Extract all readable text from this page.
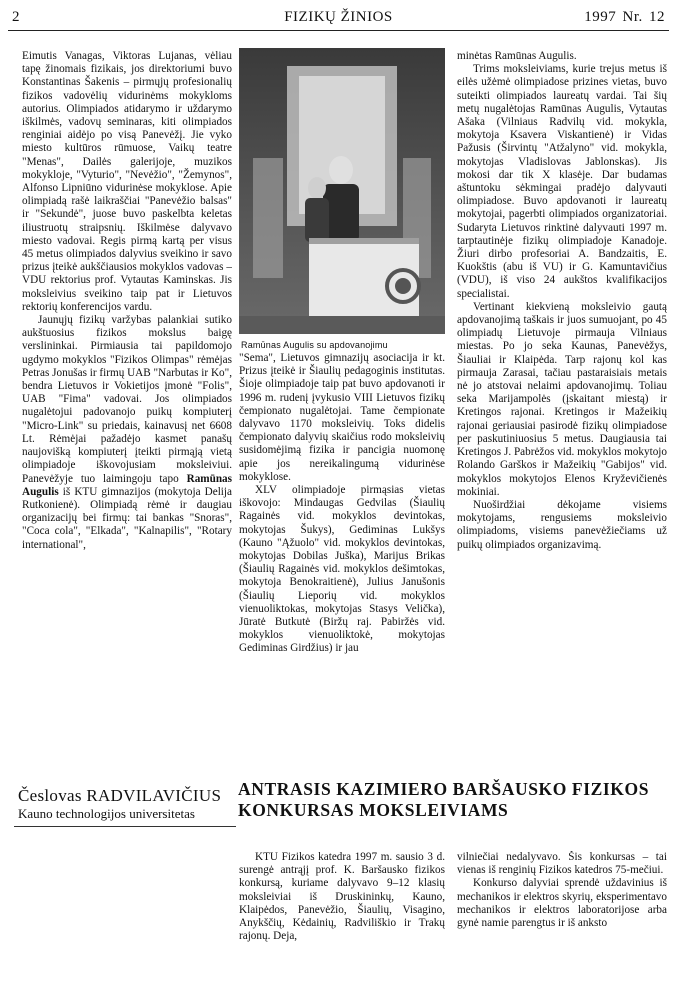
2	FIZIKŲ ŽINIOS	1997 Nr. 12

Eimutis Vanagas, Viktoras Lujanas, vėliau tapę žinomais fizikais, jos direktoriumi buvo Konstantinas Šakenis – pirmųjų profesionalių fizikos vadovėlių vidurinėms mokykloms autorius. Olimpiados atidarymo ir uždarymo iškilmės, vadovų seminaras, kiti olimpiados renginiai aidėjo po visą Panevėžį. Jie vyko miesto kultūros rūmuose, Vaikų teatre "Menas", Dailės galerijoje, muzikos mokykloje, "Vyturio", "Nevėžio", "Žemynos", Alfonso Lipniūno vidurinėse mokyklose. Apie olimpiadą rašė laikraščiai "Panevėžio balsas" ir "Sekundė", juose buvo paskelbta keletas iliustruotų straipsnių. Iškilmėse dalyvavo miesto vadovai. Regis pirmą kartą per visus 45 metus olimpiados dalyvius sveikino ir savo prizus įteikė aukščiausios mokyklos vadovas – VDU rektorius prof. Vytautas Kaminskas. Jis moksleivius sveikino taip pat ir Lietuvos rektorių konferencijos vardu.

Jaunųjų fizikų varžybas palankiai sutiko aukštuosius fizikos mokslus baigę verslininkai. Pirmiausia tai papildomojo ugdymo mokyklos "Fizikos Olimpas" rėmėjas Petras Jonušas ir firmų UAB "Narbutas ir Ko", bendra Lietuvos ir Vokietijos įmonė "Folis", UAB "Fima" vadovai. Jos olimpiados nugalėtojui padovanojo puikų kompiuterį "Micro-Link" su priedais, kainavusį net 6608 Lt. Rėmėjai pažadėjo kasmet panašų naujovišką kompiuterį įteikti pirmąją vietą olimpiadoje iškovojusiam moksleiviui. Panevėžyje tuo laimingoju tapo Ramūnas Augulis iš KTU gimnazijos (mokytoja Delija Rutkonienė). Olimpiadą rėmė ir daugiau organizacijų bei firmų: tai bankas "Snoras", "Coca cola", "Elkada", "Kalnapilis", "Rotary international",

Ramūnas Augulis su apdovanojimu

"Sema", Lietuvos gimnazijų asociacija ir kt. Prizus įteikė ir Šiaulių pedagoginis institutas. Šioje olimpiadoje taip pat buvo apdovanoti ir 1996 m. rudenį įvykusio VIII Lietuvos fizikų čempionato nugalėtojai. Tame čempionate dalyvavo 1170 moksleivių. Toks didelis čempionato dalyvių skaičius rodo moksleivių susidomėjimą fizika ir pancigia nuomonę apie jos nereikalingumą vidurinėse mokyklose.

XLV olimpiadoje pirmąsias vietas iškovojo: Mindaugas Gedvilas (Šiaulių Ragainės vid. mokyklos devintokas, mokytojas Šukys), Gediminas Lukšys (Kauno "Ąžuolo" vid. mokyklos devintokas, mokytojas Dobilas Juška), Marijus Brikas (Šiaulių Ragainės vid. mokyklos dešimtokas, mokytoja Benokraitienė), Julius Janušonis (Šiaulių Lieporių vid. mokyklos vienuoliktokas, mokytojas Stasys Velička), Jūratė Butkutė (Biržų raj. Pabiržės vid. mokyklos vienuoliktokė, mokytojas Gediminas Girdžius) ir jau

minėtas Ramūnas Augulis.

Trims moksleiviams, kurie trejus metus iš eilės užėmė olimpiadose prizines vietas, buvo suteikti olimpiados laureatų vardai. Tai šių metų nugalėtojas Ramūnas Augulis, Vytautas Ašaka (Vilniaus Radvilų vid. mokykla, mokytoja Ksavera Viskantienė) ir Vidas Pažusis (Širvintų "Atžalyno" vid. mokykla, mokytojas Vladislovas Jablonskas). Jis mokosi dar tik X klasėje. Dar budamas aštuntoku sėkmingai pradėjo dalyvauti olimpiadose. Buvo apdovanoti ir laureatų mokytojai, pagerbti olimpiados organizatoriai. Sudaryta Lietuvos rinktinė dalyvauti 1997 m. tarptautinėje fizikų olimpiadoje Kanadoje. Žiuri dirbo profesoriai A. Bandzaitis, E. Kuokštis (abu iš VU) ir G. Kamuntavičius (VDU), iš viso 24 aukštos kvalifikacijos specialistai.

Vertinant kiekvieną moksleivio gautą apdovanojimą taškais ir juos sumuojant, po 45 olimpiadų Lietuvoje pirmauja Vilniaus miestas. Po jo seka Kaunas, Panevėžys, Šiauliai ir Klaipėda. Tarp rajonų kol kas pirmauja Zarasai, tačiau pastaraisiais metais nė jo atstovai nelaimi apdovanojimų. Toliau seka Marijampolės (įskaitant miestą) ir Kretingos rajonai. Kretingos ir Mažeikių rajonai geriausiai pasirodė fizikų olimpiadose per paskutiniuosius 5 metus. Daugiausia tai Kretingos J. Pabrėžos vid. mokyklos mokytojo Rolando Garškos ir Mažeikių "Gabijos" vid. mokyklos mokytojos Elenos Kryževičienės mokiniai.

Nuoširdžiai dėkojame visiems mokytojams, rengusiems moksleivio olimpiadoms, visiems panevėžiečiams už puikų olimpiados organizavimą.

Česlovas RADVILAVIČIUS
Kauno technologijos universitetas
ANTRASIS KAZIMIERO BARŠAUSKO FIZIKOS
KONKURSAS MOKSLEIVIAMS

KTU Fizikos katedra 1997 m. sausio 3 d. surengė antrąjį prof. K. Baršausko fizikos konkursą, kuriame dalyvavo 9–12 klasių moksleiviai iš Druskininkų, Kauno, Klaipėdos, Panevėžio, Šiaulių, Visagino, Anykščių, Kėdainių, Radviliškio ir Trakų rajonų. Deja,

vilniečiai nedalyvavo. Šis konkursas – tai vienas iš renginių Fizikos katedros 75-mečiui.

Konkurso dalyviai sprendė uždavinius iš mechanikos ir elektros skyrių, eksperimentavo mechanikos ir elektros laboratorijose arba gynė namie parengtus ir iš anksto
